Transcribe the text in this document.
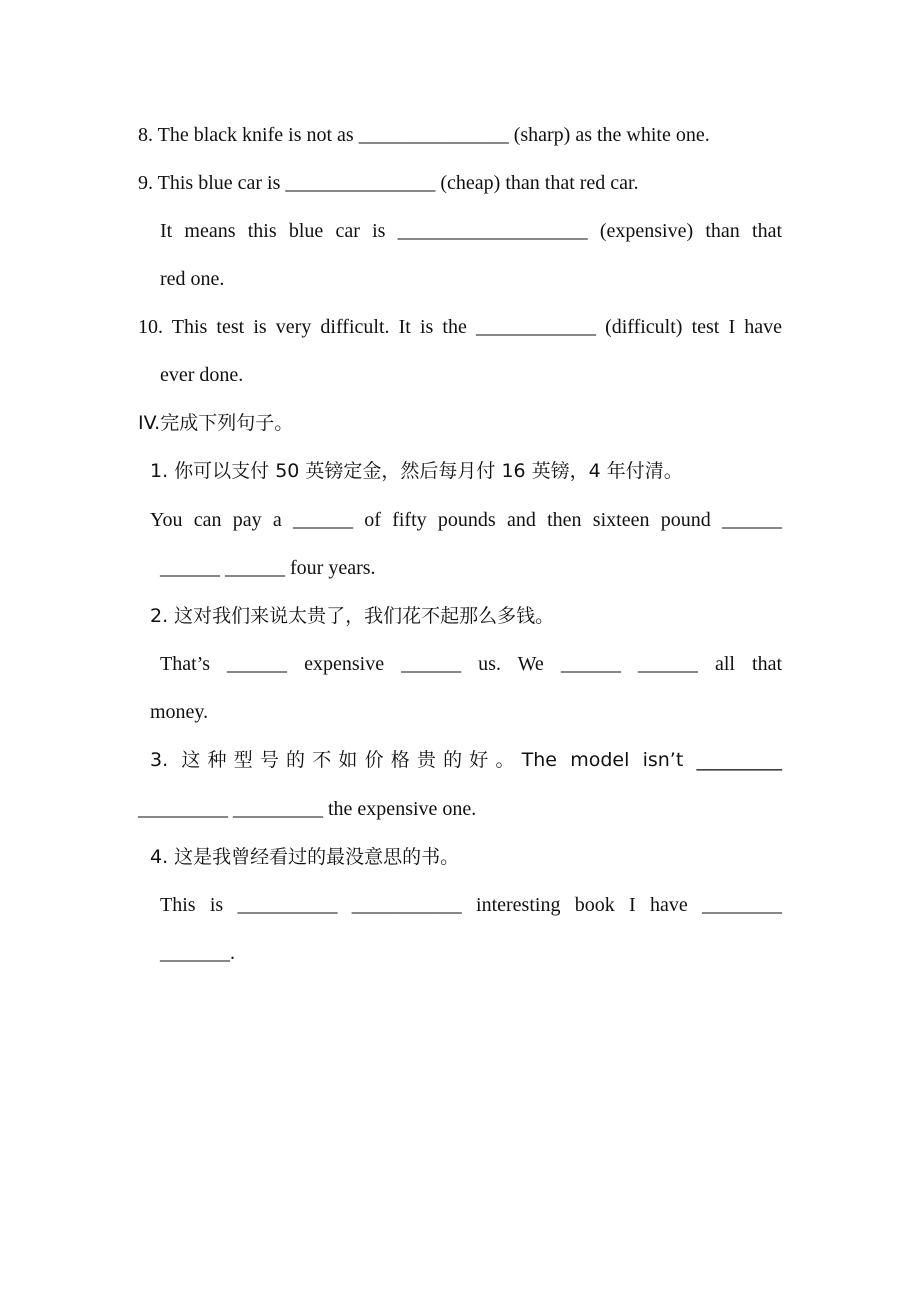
8. The black knife is not as _______________ (sharp) as the white one.
9. This blue car is _______________ (cheap) than that red car.
It means this blue car is ___________________ (expensive) than that
red one.
10. This test is very difficult. It is the ____________ (difficult) test I have
ever done.
IV.完成下列句子。
1. 你可以支付 50 英镑定金，然后每月付 16 英镑，4 年付清。
You can pay a ______ of fifty pounds and then sixteen pound ______
______ ______ four years.
2. 这对我们来说太贵了，我们花不起那么多钱。
That’s ______ expensive ______ us. We ______ ______ all that
money.
3. 这种型号的不如价格贵的好。The model isn’t _________
_________ _________ the expensive one.
4. 这是我曾经看过的最没意思的书。
This is __________ ___________ interesting book I have ________
_______.
